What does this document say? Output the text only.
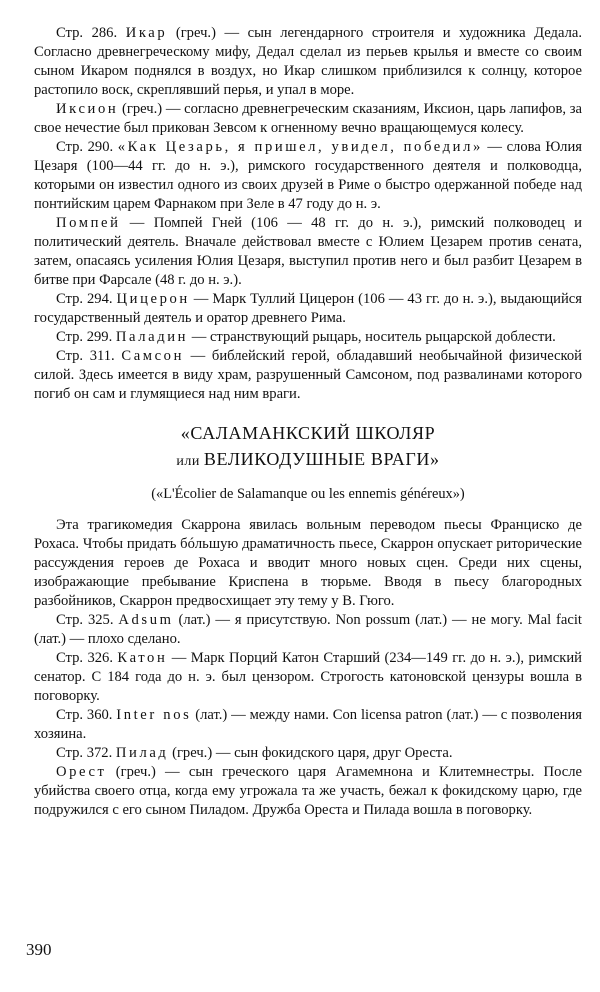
Стр. 286. Икар (греч.) — сын легендарного строителя и художника Дедала. Согласно древнегреческому мифу, Дедал сделал из перьев крылья и вместе со своим сыном Икаром поднялся в воздух, но Икар слишком приблизился к солнцу, которое растопило воск, скреплявший перья, и упал в море.

Иксион (греч.) — согласно древнегреческим сказаниям, Иксион, царь лапифов, за свое нечестие был прикован Зевсом к огненному вечно вращающемуся колесу.

Стр. 290. «Как Цезарь, я пришел, увидел, победил» — слова Юлия Цезаря (100—44 гг. до н. э.), римского государственного деятеля и полководца, которыми он известил одного из своих друзей в Риме о быстро одержанной победе над понтийским царем Фарнаком при Зеле в 47 году до н. э.

Помпей — Помпей Гней (106 — 48 гг. до н. э.), римский полководец и политический деятель. Вначале действовал вместе с Юлием Цезарем против сената, затем, опасаясь усиления Юлия Цезаря, выступил против него и был разбит Цезарем в битве при Фарсале (48 г. до н. э.).

Стр. 294. Цицерон — Марк Туллий Цицерон (106 — 43 гг. до н. э.), выдающийся государственный деятель и оратор древнего Рима.

Стр. 299. Паладин — странствующий рыцарь, носитель рыцарской доблести.

Стр. 311. Самсон — библейский герой, обладавший необычайной физической силой. Здесь имеется в виду храм, разрушенный Самсоном, под развалинами которого погиб он сам и глумящиеся над ним враги.

«САЛАМАНКСКИЙ ШКОЛЯР
или ВЕЛИКОДУШНЫЕ ВРАГИ»

(«L'Écolier de Salamanque ou les ennemis généreux»)

Эта трагикомедия Скаррона явилась вольным переводом пьесы Франциско де Рохаса. Чтобы придать бóльшую драматичность пьесе, Скаррон опускает риторические рассуждения героев де Рохаса и вводит много новых сцен. Среди них сцены, изображающие пребывание Криспена в тюрьме. Вводя в пьесу благородных разбойников, Скаррон предвосхищает эту тему у В. Гюго.

Стр. 325. Adsum (лат.) — я присутствую. Non possum (лат.) — не могу. Mal facit (лат.) — плохо сделано.

Стр. 326. Катон — Марк Порций Катон Старший (234—149 гг. до н. э.), римский сенатор. С 184 года до н. э. был цензором. Строгость катоновской цензуры вошла в поговорку.

Стр. 360. Inter nos (лат.) — между нами. Con licensa patron (лат.) — с позволения хозяина.

Стр. 372. Пилад (греч.) — сын фокидского царя, друг Ореста.

Орест (греч.) — сын греческого царя Агамемнона и Клитемнестры. После убийства своего отца, когда ему угрожала та же участь, бежал к фокидскому царю, где подружился с его сыном Пиладом. Дружба Ореста и Пилада вошла в поговорку.

390
